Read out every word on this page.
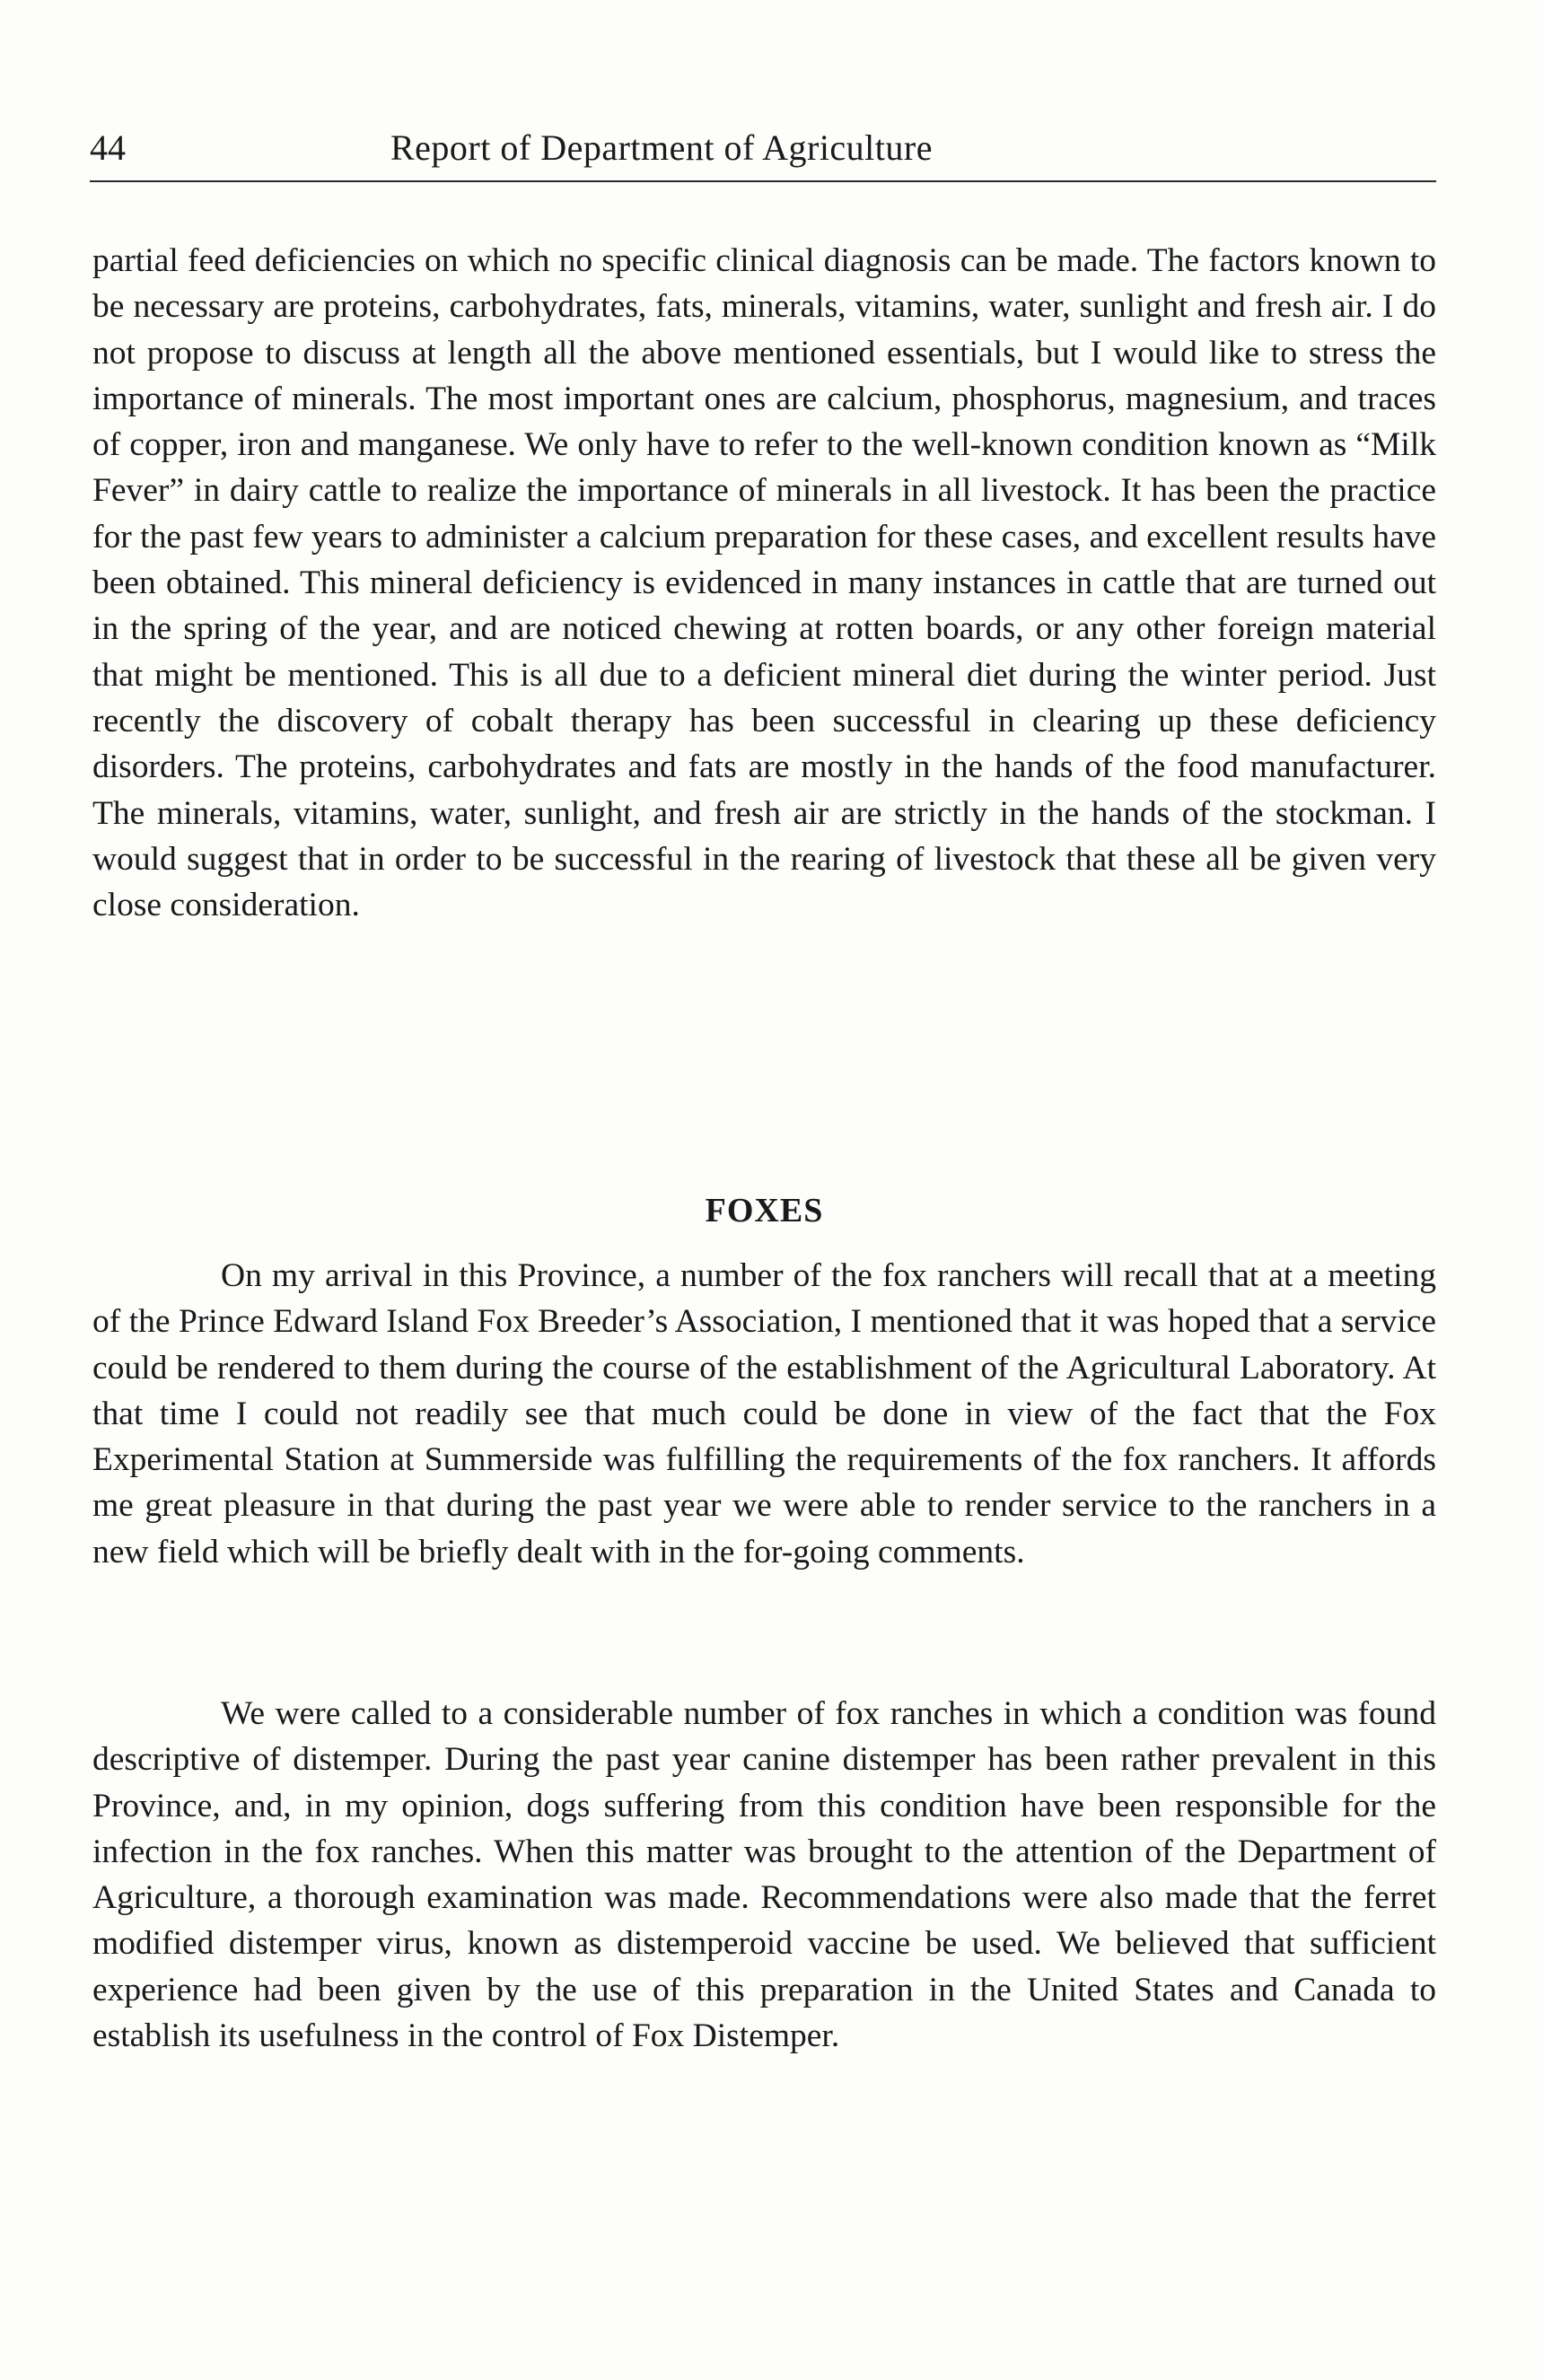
44	Report of Department of Agriculture

partial feed deficiencies on which no specific clinical diagnosis can be made. The factors known to be necessary are proteins, carbohydrates, fats, minerals, vitamins, water, sunlight and fresh air. I do not propose to discuss at length all the above mentioned essentials, but I would like to stress the importance of minerals. The most important ones are calcium, phosphorus, magnesium, and traces of copper, iron and manganese. We only have to refer to the well-known condition known as “Milk Fever” in dairy cattle to realize the importance of minerals in all livestock. It has been the practice for the past few years to administer a calcium preparation for these cases, and excellent results have been obtained. This mineral deficiency is evidenced in many instances in cattle that are turned out in the spring of the year, and are noticed chewing at rotten boards, or any other foreign material that might be mentioned. This is all due to a deficient mineral diet during the winter period. Just recently the discovery of cobalt therapy has been successful in clearing up these deficiency disorders. The proteins, carbohydrates and fats are mostly in the hands of the food manufacturer. The minerals, vitamins, water, sunlight, and fresh air are strictly in the hands of the stockman. I would suggest that in order to be successful in the rearing of livestock that these all be given very close consideration.

FOXES

On my arrival in this Province, a number of the fox ranchers will recall that at a meeting of the Prince Edward Island Fox Breeder’s Association, I mentioned that it was hoped that a service could be rendered to them during the course of the establishment of the Agricultural Laboratory. At that time I could not readily see that much could be done in view of the fact that the Fox Experimental Station at Summerside was fulfilling the requirements of the fox ranchers. It affords me great pleasure in that during the past year we were able to render service to the ranchers in a new field which will be briefly dealt with in the for-going comments.

We were called to a considerable number of fox ranches in which a condition was found descriptive of distemper. During the past year canine distemper has been rather prevalent in this Province, and, in my opinion, dogs suffering from this condition have been responsible for the infection in the fox ranches. When this matter was brought to the attention of the Department of Agriculture, a thorough examination was made. Recommendations were also made that the ferret modified distemper virus, known as distemperoid vaccine be used. We believed that sufficient experience had been given by the use of this preparation in the United States and Canada to establish its usefulness in the control of Fox Distemper.
